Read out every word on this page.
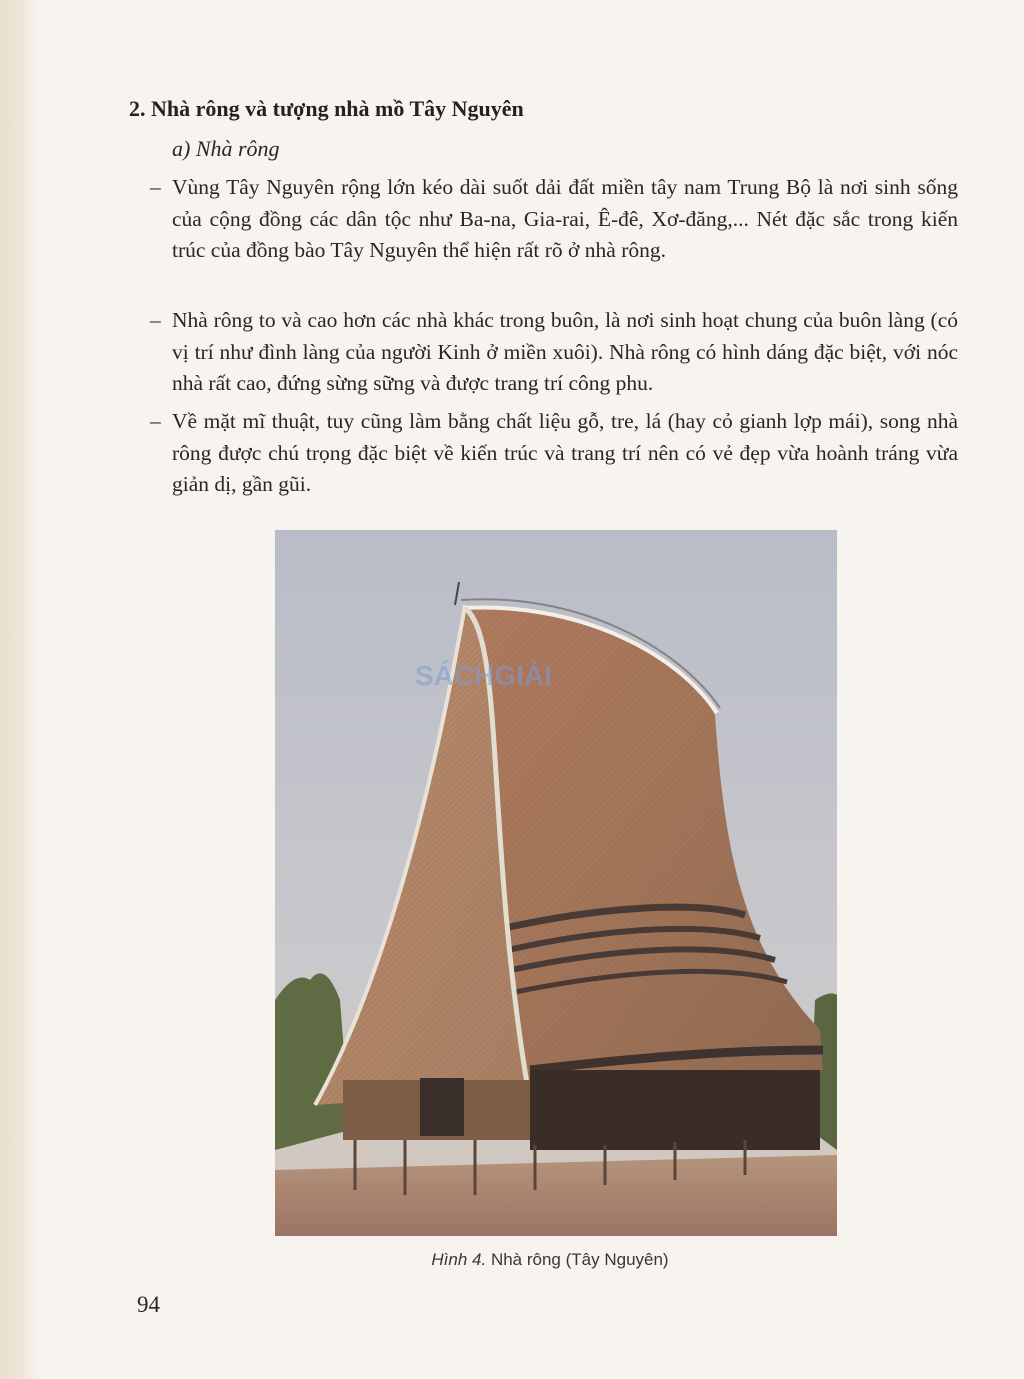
2. Nhà rông và tượng nhà mồ Tây Nguyên
a) Nhà rông
– Vùng Tây Nguyên rộng lớn kéo dài suốt dải đất miền tây nam Trung Bộ là nơi sinh sống của cộng đồng các dân tộc như Ba-na, Gia-rai, Ê-đê, Xơ-đăng,... Nét đặc sắc trong kiến trúc của đồng bào Tây Nguyên thể hiện rất rõ ở nhà rông.
– Nhà rông to và cao hơn các nhà khác trong buôn, là nơi sinh hoạt chung của buôn làng (có vị trí như đình làng của người Kinh ở miền xuôi). Nhà rông có hình dáng đặc biệt, với nóc nhà rất cao, đứng sừng sững và được trang trí công phu.
– Về mặt mĩ thuật, tuy cũng làm bằng chất liệu gỗ, tre, lá (hay cỏ gianh lợp mái), song nhà rông được chú trọng đặc biệt về kiến trúc và trang trí nên có vẻ đẹp vừa hoành tráng vừa giản dị, gần gũi.
SÁCHGIẢI
Hình 4. Nhà rông (Tây Nguyên)
94
